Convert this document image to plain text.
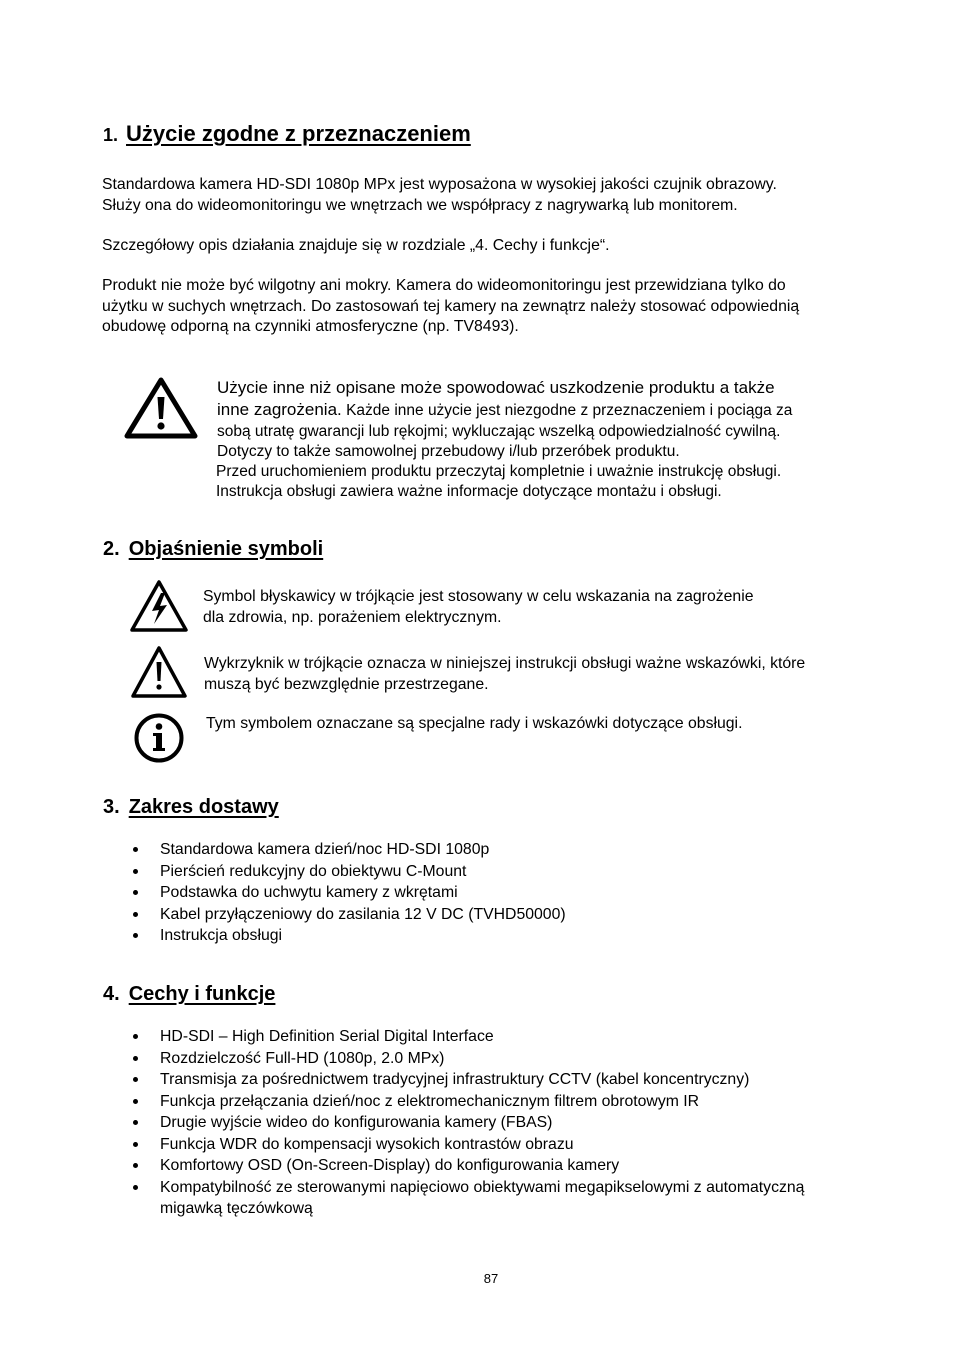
1. Użycie zgodne z przeznaczeniem

Standardowa kamera HD-SDI 1080p MPx jest wyposażona w wysokiej jakości czujnik obrazowy.

Służy ona do wideomonitoringu we wnętrzach we współpracy z nagrywarką lub monitorem.

Szczegółowy opis działania znajduje się w rozdziale „4. Cechy i funkcje“.

Produkt nie może być wilgotny ani mokry. Kamera do wideomonitoringu jest przewidziana tylko do

użytku w suchych wnętrzach. Do zastosowań tej kamery na zewnątrz należy stosować odpowiednią

obudowę odporną na czynniki atmosferyczne (np. TV8493).

Użycie inne niż opisane może spowodować uszkodzenie produktu a także

inne zagrożenia. Każde inne użycie jest niezgodne z przeznaczeniem i pociąga za

sobą utratę gwarancji lub rękojmi; wykluczając wszelką odpowiedzialność cywilną.

Dotyczy to także samowolnej przebudowy i/lub przeróbek produktu.

Przed uruchomieniem produktu przeczytaj kompletnie i uważnie instrukcję obsługi.

Instrukcja obsługi zawiera ważne informacje dotyczące montażu i obsługi.

2. Objaśnienie symboli

Symbol błyskawicy w trójkącie jest stosowany w celu wskazania na zagrożenie

dla zdrowia, np. porażeniem elektrycznym.

Wykrzyknik w trójkącie oznacza w niniejszej instrukcji obsługi ważne wskazówki, które

muszą być bezwzględnie przestrzegane.

Tym symbolem oznaczane są specjalne rady i wskazówki dotyczące obsługi.

3. Zakres dostawy
Standardowa kamera dzień/noc HD-SDI 1080p
Pierścień redukcyjny do obiektywu C-Mount
Podstawka do uchwytu kamery z wkrętami
Kabel przyłączeniowy do zasilania 12 V DC (TVHD50000)
Instrukcja obsługi
4. Cechy i funkcje
HD-SDI – High Definition Serial Digital Interface
Rozdzielczość Full-HD (1080p, 2.0 MPx)
Transmisja za pośrednictwem tradycyjnej infrastruktury CCTV (kabel koncentryczny)
Funkcja przełączania dzień/noc z elektromechanicznym filtrem obrotowym IR
Drugie wyjście wideo do konfigurowania kamery (FBAS)
Funkcja WDR do kompensacji wysokich kontrastów obrazu
Komfortowy OSD (On-Screen-Display) do konfigurowania kamery
Kompatybilność ze sterowanymi napięciowo obiektywami megapikselowymi z automatyczną
migawką tęczówkową
87
